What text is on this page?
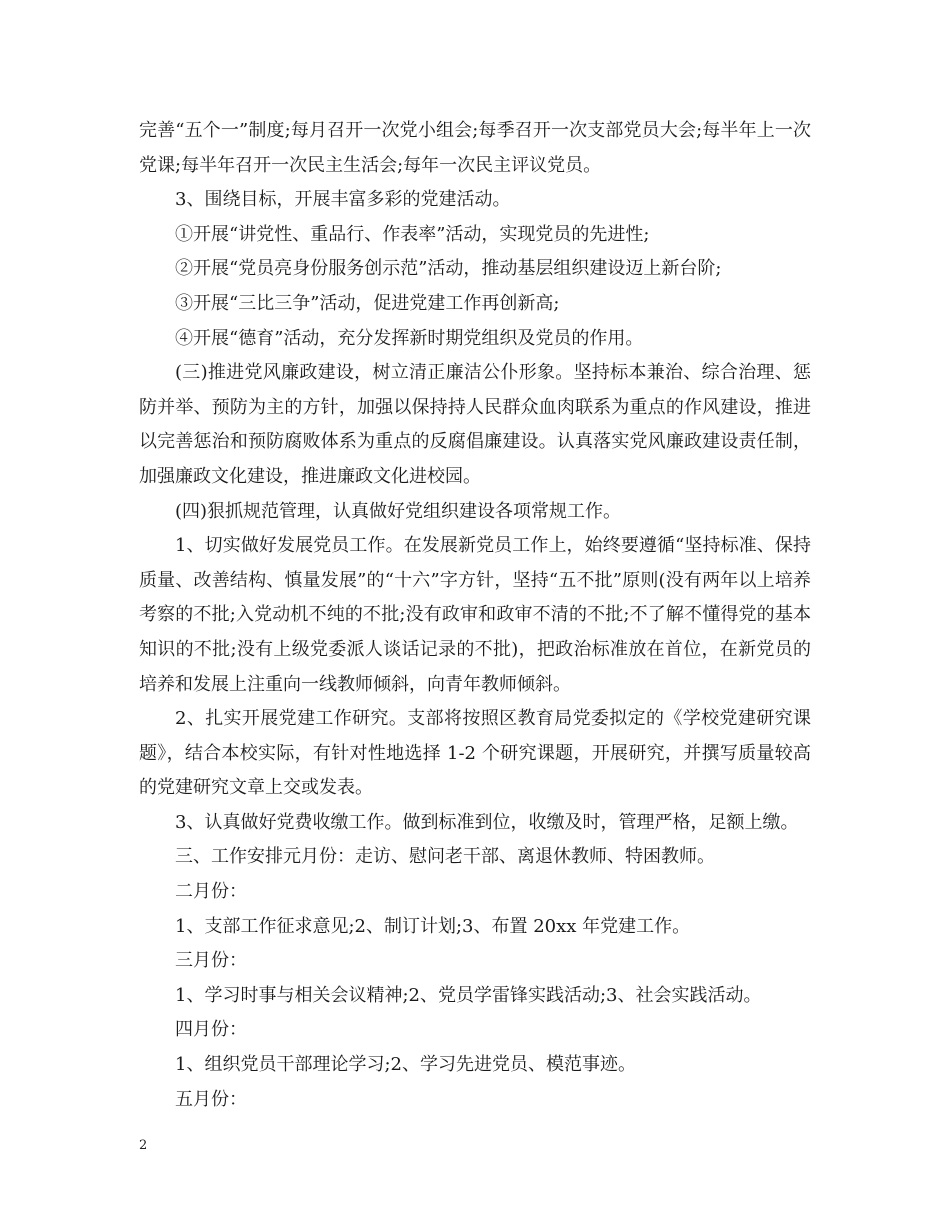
完善“五个一”制度;每月召开一次党小组会;每季召开一次支部党员大会;每半年上一次党课;每半年召开一次民主生活会;每年一次民主评议党员。

3、围绕目标，开展丰富多彩的党建活动。

①开展“讲党性、重品行、作表率”活动，实现党员的先进性;

②开展“党员亮身份服务创示范”活动，推动基层组织建设迈上新台阶;

③开展“三比三争”活动，促进党建工作再创新高;

④开展“德育”活动，充分发挥新时期党组织及党员的作用。

(三)推进党风廉政建设，树立清正廉洁公仆形象。坚持标本兼治、综合治理、惩防并举、预防为主的方针，加强以保持持人民群众血肉联系为重点的作风建设，推进以完善惩治和预防腐败体系为重点的反腐倡廉建设。认真落实党风廉政建设责任制，加强廉政文化建设，推进廉政文化进校园。

(四)狠抓规范管理，认真做好党组织建设各项常规工作。

1、切实做好发展党员工作。在发展新党员工作上，始终要遵循“坚持标准、保持质量、改善结构、慎量发展”的“十六”字方针，坚持“五不批”原则(没有两年以上培养考察的不批;入党动机不纯的不批;没有政审和政审不清的不批;不了解不懂得党的基本知识的不批;没有上级党委派人谈话记录的不批)，把政治标准放在首位，在新党员的培养和发展上注重向一线教师倾斜，向青年教师倾斜。

2、扎实开展党建工作研究。支部将按照区教育局党委拟定的《学校党建研究课题》，结合本校实际，有针对性地选择 1-2 个研究课题，开展研究，并撰写质量较高的党建研究文章上交或发表。

3、认真做好党费收缴工作。做到标准到位，收缴及时，管理严格，足额上缴。

三、工作安排元月份：走访、慰问老干部、离退休教师、特困教师。

二月份：

1、支部工作征求意见;2、制订计划;3、布置 20xx 年党建工作。

三月份：

1、学习时事与相关会议精神;2、党员学雷锋实践活动;3、社会实践活动。

四月份：

1、组织党员干部理论学习;2、学习先进党员、模范事迹。

五月份：

2
